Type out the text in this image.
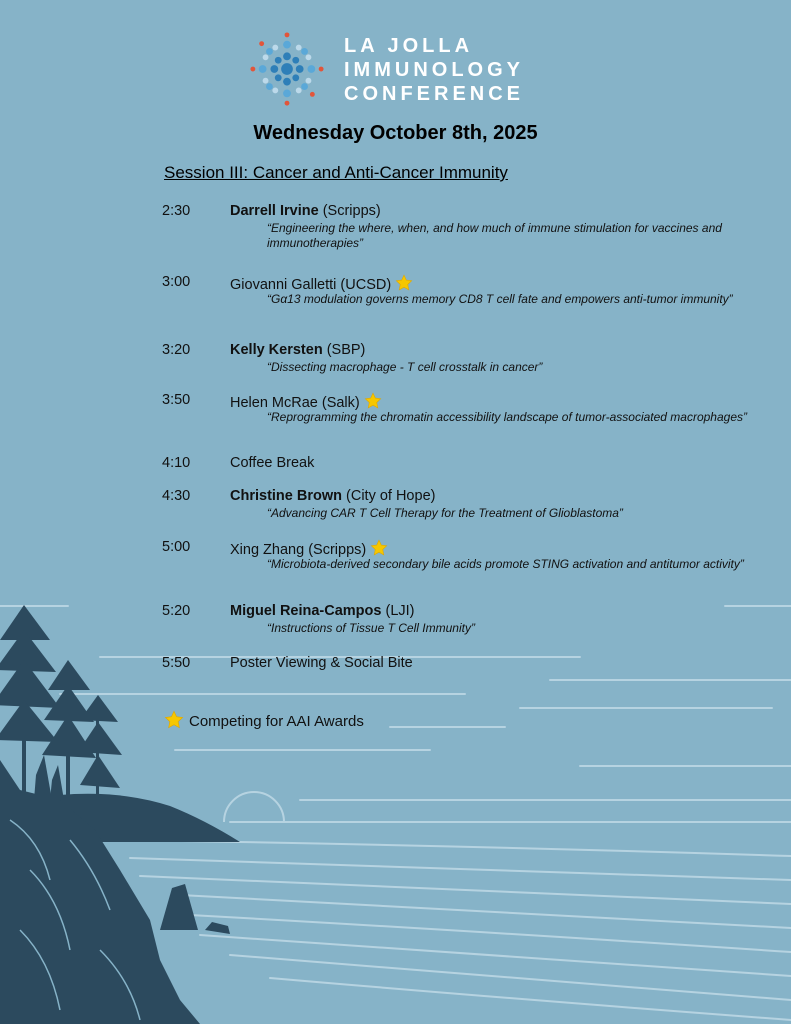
LA JOLLA
IMMUNOLOGY
CONFERENCE
Wednesday October 8th, 2025
Session III: Cancer and Anti-Cancer Immunity
2:30	Darrell Irvine (Scripps)
“Engineering the where, when, and how much of immune stimulation for vaccines and immunotherapies”
3:00	Giovanni Galletti (UCSD)
“Gα13 modulation governs memory CD8 T cell fate and empowers anti-tumor immunity”
3:20	Kelly Kersten (SBP)
“Dissecting macrophage - T cell crosstalk in cancer”
3:50	Helen McRae (Salk)
“Reprogramming the chromatin accessibility landscape of tumor-associated macrophages”
4:10	Coffee Break
4:30	Christine Brown (City of Hope)
“Advancing CAR T Cell Therapy for the Treatment of Glioblastoma”
5:00	Xing Zhang (Scripps)
“Microbiota-derived secondary bile acids promote STING activation and antitumor activity”
5:20	Miguel Reina-Campos (LJI)
“Instructions of Tissue T Cell Immunity”
5:50	Poster Viewing & Social Bite
Competing for AAI Awards
